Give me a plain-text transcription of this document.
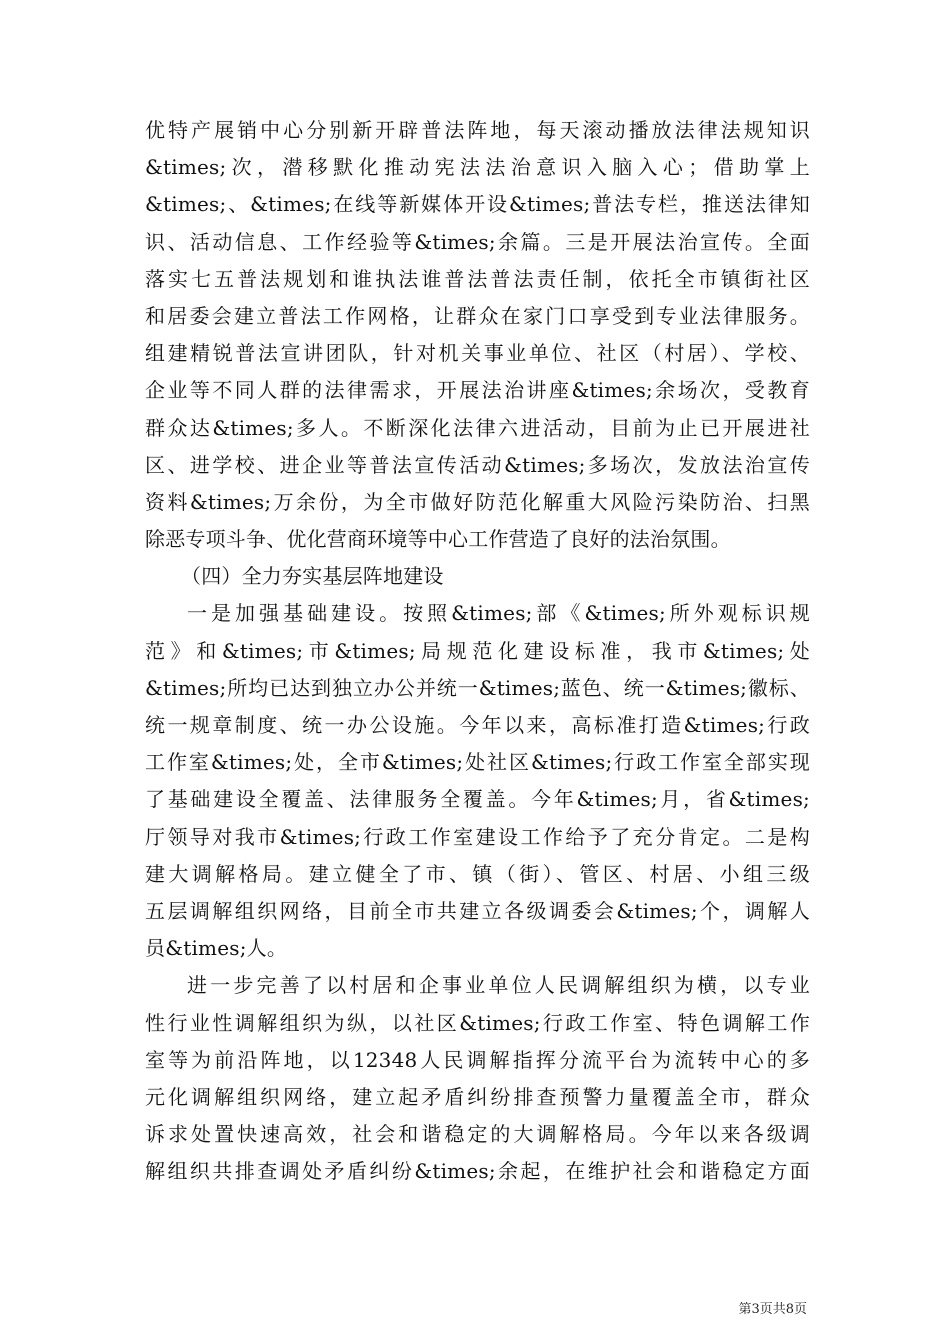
优特产展销中心分别新开辟普法阵地，每天滚动播放法律法规知识
&times;次，潜移默化推动宪法法治意识入脑入心；借助掌上
&times;、&times;在线等新媒体开设&times;普法专栏，推送法律知
识、活动信息、工作经验等&times;余篇。三是开展法治宣传。全面
落实七五普法规划和谁执法谁普法普法责任制，依托全市镇街社区
和居委会建立普法工作网格，让群众在家门口享受到专业法律服务。
组建精锐普法宣讲团队，针对机关事业单位、社区（村居）、学校、
企业等不同人群的法律需求，开展法治讲座&times;余场次，受教育
群众达&times;多人。不断深化法律六进活动，目前为止已开展进社
区、进学校、进企业等普法宣传活动&times;多场次，发放法治宣传
资料&times;万余份，为全市做好防范化解重大风险污染防治、扫黑
除恶专项斗争、优化营商环境等中心工作营造了良好的法治氛围。
（四）全力夯实基层阵地建设
一是加强基础建设。按照&times;部《&times;所外观标识规
范》和&times;市&times;局规范化建设标准，我市&times;处
&times;所均已达到独立办公并统一&times;蓝色、统一&times;徽标、
统一规章制度、统一办公设施。今年以来，高标准打造&times;行政
工作室&times;处，全市&times;处社区&times;行政工作室全部实现
了基础建设全覆盖、法律服务全覆盖。今年&times;月，省&times;
厅领导对我市&times;行政工作室建设工作给予了充分肯定。二是构
建大调解格局。建立健全了市、镇（街）、管区、村居、小组三级
五层调解组织网络，目前全市共建立各级调委会&times;个，调解人
员&times;人。
进一步完善了以村居和企事业单位人民调解组织为横，以专业
性行业性调解组织为纵，以社区&times;行政工作室、特色调解工作
室等为前沿阵地，以12348人民调解指挥分流平台为流转中心的多
元化调解组织网络，建立起矛盾纠纷排查预警力量覆盖全市，群众
诉求处置快速高效，社会和谐稳定的大调解格局。今年以来各级调
解组织共排查调处矛盾纠纷&times;余起，在维护社会和谐稳定方面
第3页共8页
